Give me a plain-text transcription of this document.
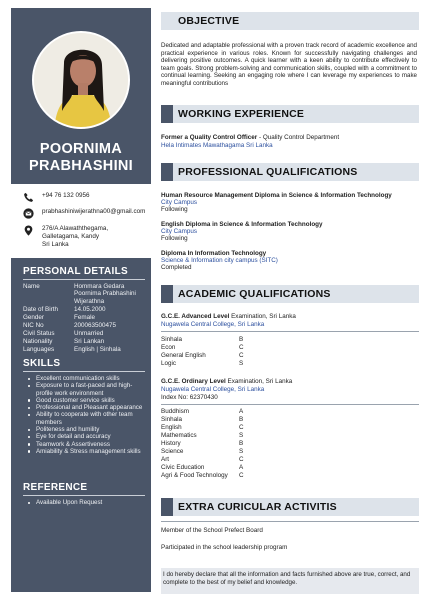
POORNIMA
PRABHASHINI
+94 76 132 0956
prabhashiniwijerathna00@gmail.com
276/A Alawaththegama,
Galletagama, Kandy
Sri Lanka
PERSONAL DETAILS
Name	Hommara Gedara
Poornima Prabhashini
Wijerathna
Date of Birth	14.05.2000
Gender	Female
NIC No	200063500475
Civil Status	Unmarried
Nationality	Sri Lankan
Languages	English | Sinhala
SKILLS
Excellent communication skills
Exposure to a fast-paced and high-profile work environment
Good customer service skills
Professional and Pleasant appearance
Ability to cooperate with other team members
Politeness and humility
Eye for detail and accuracy
Teamwork & Assertiveness
Amiability & Stress management skills
REFERENCE
Available Upon Request
OBJECTIVE
Dedicated and adaptable professional with a proven track record of academic excellence and practical experience in various roles. Known for successfully navigating challenges and delivering positive outcomes. A quick learner with a keen ability to contribute effectively to team goals. Strong problem-solving and communication skills, coupled with a commitment to continual learning. Seeking an engaging role where I can leverage my experiences to make meaningful contributions
WORKING EXPERIENCE
Former a Quality Control Officer - Quality Control Department
Hela Intimates Mawathagama Sri Lanka
PROFESSIONAL QUALIFICATIONS
Human Resource Management Diploma in Science & Information Technology
City Campus
Following
English Diploma in Science & Information Technology
City Campus
Following
Diploma In Information Technology
Science & Information city campus (SITC)
Completed
ACADEMIC QUALIFICATIONS
G.C.E. Advanced Level Examination, Sri Lanka
Nugawela Central College, Sri Lanka
Sinhala	B
Econ	C
General English	C
Logic	S
G.C.E. Ordinary Level Examination, Sri Lanka
Nugawela Central College, Sri Lanka
Index No: 62370430
Buddhism	A
Sinhala	B
English	C
Mathematics	S
History	B
Science	S
Art	C
Civic Education	A
Agri & Food Technology	C
EXTRA CURICULAR ACTIVITIS
Member of the School Prefect Board
Participated in the school leadership program
I do hereby declare that all the information and facts furnished above are true, correct, and complete to the best of my belief and knowledge.
